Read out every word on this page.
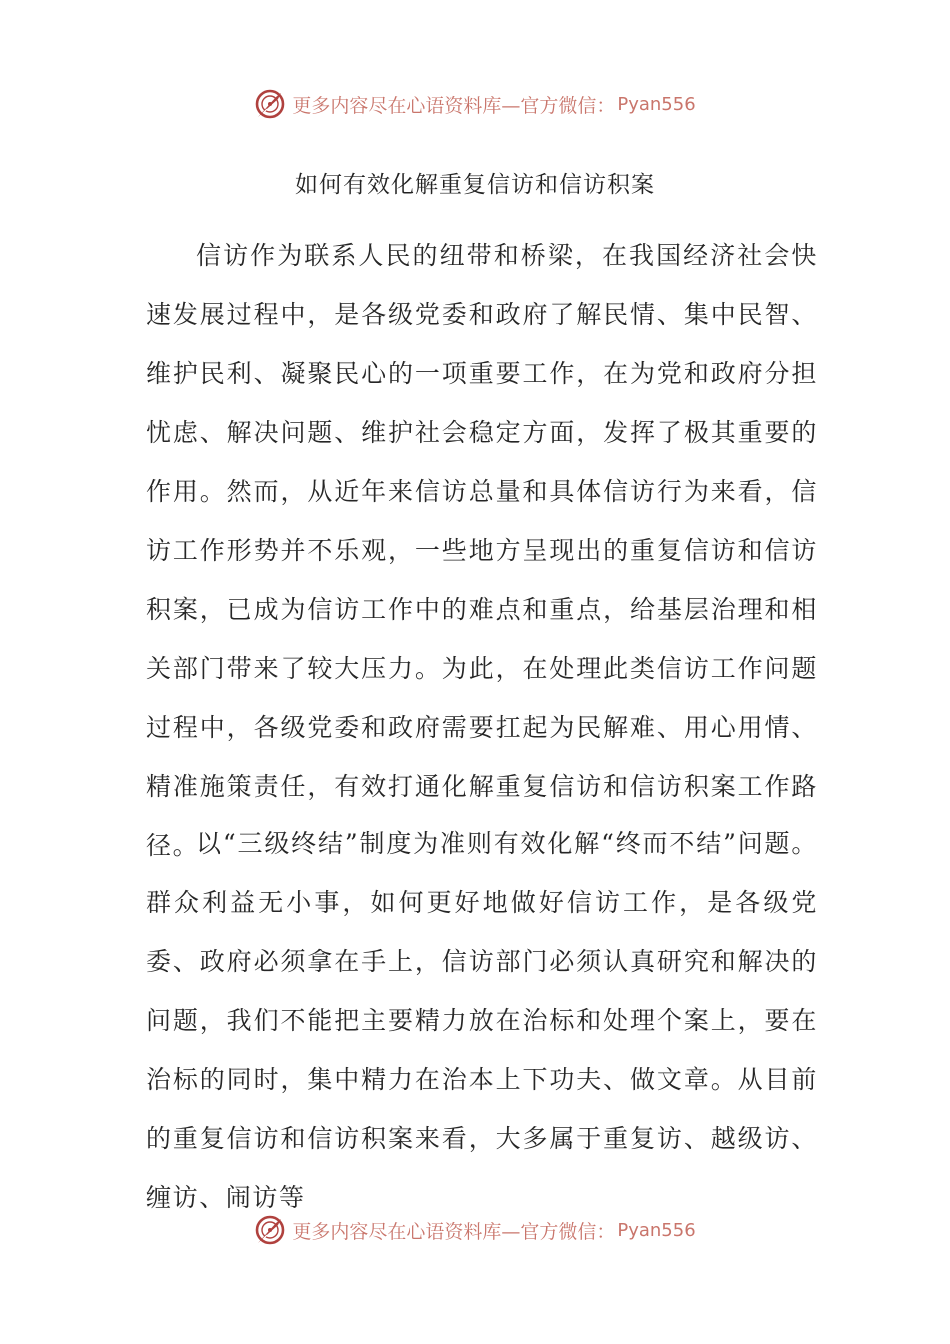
更多内容尽在心语资料库—官方微信： Pyan556
如何有效化解重复信访和信访积案

信访作为联系人民的纽带和桥梁，在我国经济社会快速发展过程中，是各级党委和政府了解民情、集中民智、维护民利、凝聚民心的一项重要工作，在为党和政府分担忧虑、解决问题、维护社会稳定方面，发挥了极其重要的作用。然而，从近年来信访总量和具体信访行为来看，信访工作形势并不乐观，一些地方呈现出的重复信访和信访积案，已成为信访工作中的难点和重点，给基层治理和相关部门带来了较大压力。为此，在处理此类信访工作问题过程中，各级党委和政府需要扛起为民解难、用心用情、精准施策责任，有效打通化解重复信访和信访积案工作路径。

以“三级终结”制度为准则有效化解“终而不结”问题。群众利益无小事，如何更好地做好信访工作，是各级党委、政府必须拿在手上，信访部门必须认真研究和解决的问题，我们不能把主要精力放在治标和处理个案上，要在治标的同时，集中精力在治本上下功夫、做文章。从目前的重复信访和信访积案来看，大多属于重复访、越级访、缠访、闹访等

更多内容尽在心语资料库—官方微信： Pyan556
